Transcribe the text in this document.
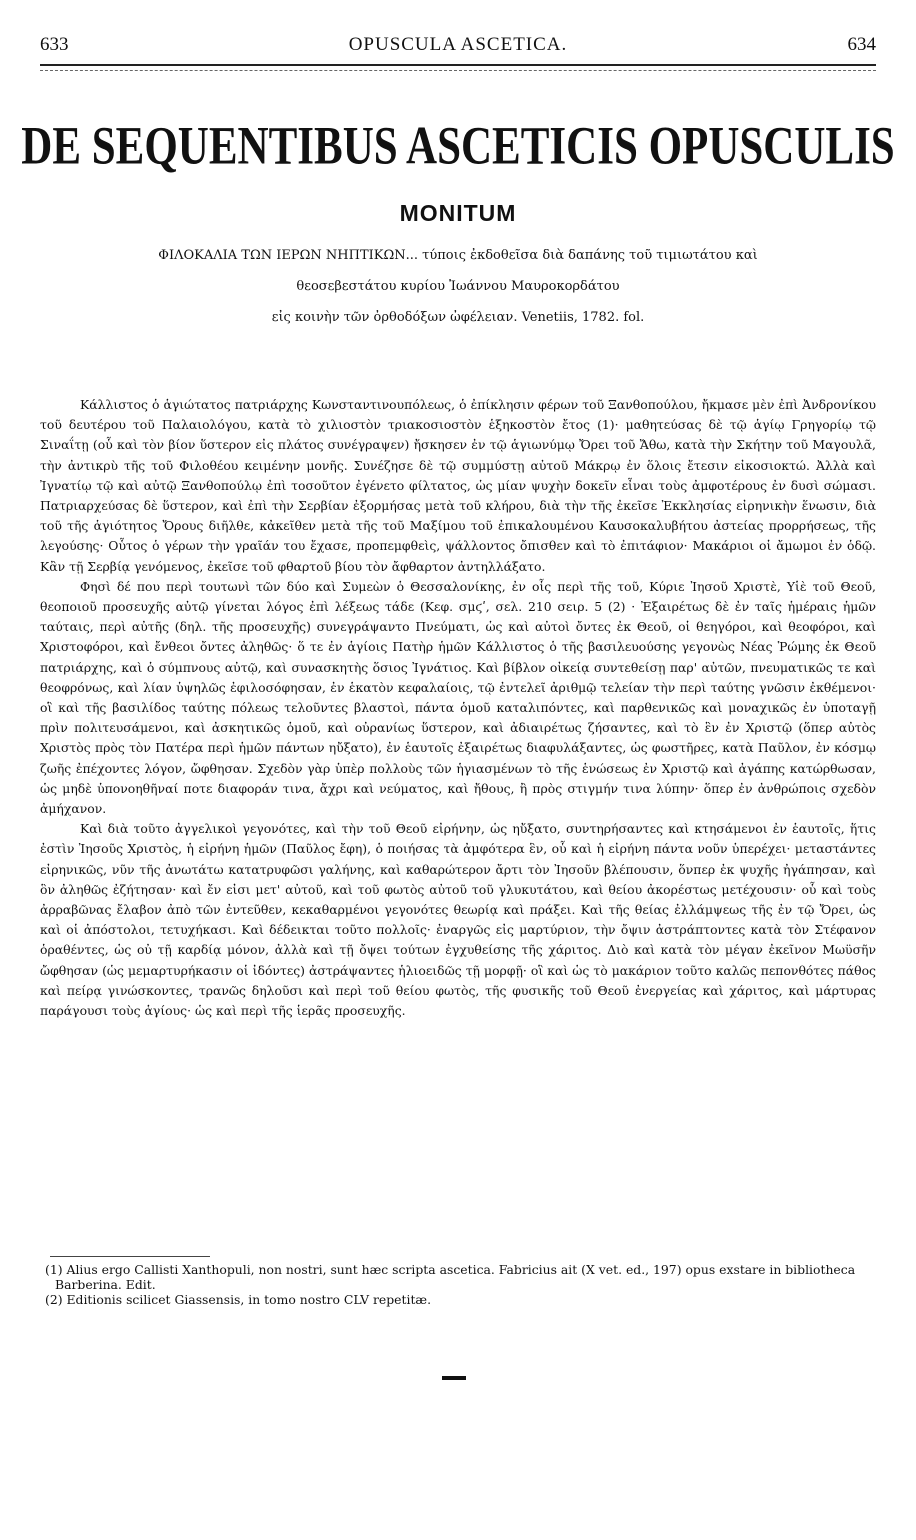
633	OPUSCULA ASCETICA.	634
DE SEQUENTIBUS ASCETICIS OPUSCULIS
MONITUM
ΦΙΛΟΚΑΛΙΑ ΤΩΝ ΙΕΡΩΝ ΝΗΠΤΙΚΩΝ... τύποις ἐκδοθεῖσα διὰ δαπάνης τοῦ τιμιωτάτου καὶ
θεοσεβεστάτου κυρίου Ἰωάννου Μαυροκορδάτου
εἰς κοινὴν τῶν ὀρθοδόξων ὠφέλειαν. Venetiis, 1782. fol.

Κάλλιστος ὁ ἁγιώτατος πατριάρχης Κωνσταντινουπόλεως, ὁ ἐπίκλησιν φέρων τοῦ Ξανθοπούλου, ἤκμασε μὲν ἐπὶ Ἀνδρονίκου τοῦ δευτέρου τοῦ Παλαιολόγου, κατὰ τὸ χιλιοστὸν τριακοσιοστὸν ἑξηκοστὸν ἔτος (1)· μαθητεύσας δὲ τῷ ἁγίῳ Γρηγορίῳ τῷ Σιναΐτῃ (οὗ καὶ τὸν βίον ὕστερον εἰς πλάτος συνέγραψεν) ἤσκησεν ἐν τῷ ἁγιωνύμῳ Ὄρει τοῦ Ἄθω, κατὰ τὴν Σκήτην τοῦ Μαγουλᾶ, τὴν ἀντικρὺ τῆς τοῦ Φιλοθέου κειμένην μονῆς. Συνέζησε δὲ τῷ συμμύστῃ αὐτοῦ Μάκρῳ ἐν ὅλοις ἔτεσιν εἰκοσιοκτώ. Ἀλλὰ καὶ Ἰγνατίῳ τῷ καὶ αὐτῷ Ξανθοπούλῳ ἐπὶ τοσοῦτον ἐγένετο φίλτατος, ὡς μίαν ψυχὴν δοκεῖν εἶναι τοὺς ἀμφοτέρους ἐν δυσὶ σώμασι. Πατριαρχεύσας δὲ ὕστερον, καὶ ἐπὶ τὴν Σερβίαν ἐξορμήσας μετὰ τοῦ κλήρου, διὰ τὴν τῆς ἐκεῖσε Ἐκκλησίας εἰρηνικὴν ἕνωσιν, διὰ τοῦ τῆς ἁγιότητος Ὄρους διῆλθε, κἀκεῖθεν μετὰ τῆς τοῦ Μαξίμου τοῦ ἐπικαλουμένου Καυσοκαλυβήτου ἀστείας προρρήσεως, τῆς λεγούσης· Οὗτος ὁ γέρων τὴν γραῖάν του ἔχασε, προπεμφθεὶς, ψάλλοντος ὄπισθεν καὶ τὸ ἐπιτάφιον· Μακάριοι οἱ ἄμωμοι ἐν ὁδῷ. Κἂν τῇ Σερβίᾳ γενόμενος, ἐκεῖσε τοῦ φθαρτοῦ βίου τὸν ἄφθαρτον ἀντηλλάξατο.

Φησὶ δέ που περὶ τουτωνὶ τῶν δύο καὶ Συμεὼν ὁ Θεσσαλονίκης, ἐν οἷς περὶ τῆς τοῦ, Κύριε Ἰησοῦ Χριστὲ, Υἱὲ τοῦ Θεοῦ, θεοποιοῦ προσευχῆς αὐτῷ γίνεται λόγος ἐπὶ λέξεως τάδε (Κεφ. σμϛʹ, σελ. 210 σειρ. 5 (2) · Ἐξαιρέτως δὲ ἐν ταῖς ἡμέραις ἡμῶν ταύταις, περὶ αὐτῆς (δηλ. τῆς προσευχῆς) συνεγράψαντο Πνεύματι, ὡς καὶ αὐτοὶ ὄντες ἐκ Θεοῦ, οἱ θεηγόροι, καὶ θεοφόροι, καὶ Χριστοφόροι, καὶ ἔνθεοι ὄντες ἀληθῶς· ὅ τε ἐν ἁγίοις Πατὴρ ἡμῶν Κάλλιστος ὁ τῆς βασιλευούσης γεγονὼς Νέας Ῥώμης ἐκ Θεοῦ πατριάρχης, καὶ ὁ σύμπνους αὐτῷ, καὶ συνασκητὴς ὅσιος Ἰγνάτιος. Καὶ βίβλον οἰκείᾳ συντεθείσῃ παρ' αὐτῶν, πνευματικῶς τε καὶ θεοφρόνως, καὶ λίαν ὑψηλῶς ἐφιλοσόφησαν, ἐν ἑκατὸν κεφαλαίοις, τῷ ἐντελεῖ ἀριθμῷ τελείαν τὴν περὶ ταύτης γνῶσιν ἐκθέμενοι· οἳ καὶ τῆς βασιλίδος ταύτης πόλεως τελοῦντες βλαστοὶ, πάντα ὁμοῦ καταλιπόντες, καὶ παρθενικῶς καὶ μοναχικῶς ἐν ὑποταγῇ πρὶν πολιτευσάμενοι, καὶ ἀσκητικῶς ὁμοῦ, καὶ οὐρανίως ὕστερον, καὶ ἀδιαιρέτως ζήσαντες, καὶ τὸ ἓν ἐν Χριστῷ (ὅπερ αὐτὸς Χριστὸς πρὸς τὸν Πατέρα περὶ ἡμῶν πάντων ηὔξατο), ἐν ἑαυτοῖς ἐξαιρέτως διαφυλάξαντες, ὡς φωστῆρες, κατὰ Παῦλον, ἐν κόσμῳ ζωῆς ἐπέχοντες λόγον, ὤφθησαν. Σχεδὸν γὰρ ὑπὲρ πολλοὺς τῶν ἡγιασμένων τὸ τῆς ἑνώσεως ἐν Χριστῷ καὶ ἀγάπης κατώρθωσαν, ὡς μηδὲ ὑπονοηθῆναί ποτε διαφοράν τινα, ἄχρι καὶ νεύματος, καὶ ἤθους, ἢ πρὸς στιγμήν τινα λύπην· ὅπερ ἐν ἀνθρώποις σχεδὸν ἀμήχανον.

Καὶ διὰ τοῦτο ἀγγελικοὶ γεγονότες, καὶ τὴν τοῦ Θεοῦ εἰρήνην, ὡς ηὔξατο, συντηρήσαντες καὶ κτησάμενοι ἐν ἑαυτοῖς, ἥτις ἐστὶν Ἰησοῦς Χριστὸς, ἡ εἰρήνη ἡμῶν (Παῦλος ἔφη), ὁ ποιήσας τὰ ἀμφότερα ἓν, οὗ καὶ ἡ εἰρήνη πάντα νοῦν ὑπερέχει· μεταστάντες εἰρηνικῶς, νῦν τῆς ἀνωτάτω κατατρυφῶσι γαλήνης, καὶ καθαρώτερον ἄρτι τὸν Ἰησοῦν βλέπουσιν, ὅνπερ ἐκ ψυχῆς ἠγάπησαν, καὶ ὃν ἀληθῶς ἐζήτησαν· καὶ ἔν εἰσι μετ' αὐτοῦ, καὶ τοῦ φωτὸς αὐτοῦ τοῦ γλυκυτάτου, καὶ θείου ἀκορέστως μετέχουσιν· οὗ καὶ τοὺς ἀρραβῶνας ἔλαβον ἀπὸ τῶν ἐντεῦθεν, κεκαθαρμένοι γεγονότες θεωρίᾳ καὶ πράξει. Καὶ τῆς θείας ἐλλάμψεως τῆς ἐν τῷ Ὄρει, ὡς καὶ οἱ ἀπόστολοι, τετυχήκασι. Καὶ δέδεικται τοῦτο πολλοῖς· ἐναργῶς εἰς μαρτύριον, τὴν ὄψιν ἀστράπτοντες κατὰ τὸν Στέφανον ὁραθέντες, ὡς οὐ τῇ καρδίᾳ μόνον, ἀλλὰ καὶ τῇ ὄψει τούτων ἐγχυθείσης τῆς χάριτος. Διὸ καὶ κατὰ τὸν μέγαν ἐκεῖνον Μωϋσῆν ὤφθησαν (ὡς μεμαρτυρήκασιν οἱ ἰδόντες) ἀστράψαντες ἡλιοειδῶς τῇ μορφῇ· οἳ καὶ ὡς τὸ μακάριον τοῦτο καλῶς πεπονθότες πάθος καὶ πείρᾳ γινώσκοντες, τρανῶς δηλοῦσι καὶ περὶ τοῦ θείου φωτὸς, τῆς φυσικῆς τοῦ Θεοῦ ἐνεργείας καὶ χάριτος, καὶ μάρτυρας παράγουσι τοὺς ἁγίους· ὡς καὶ περὶ τῆς ἱερᾶς προσευχῆς.

(1) Alius ergo Callisti Xanthopuli, non nostri, sunt hæc scripta ascetica. Fabricius ait (X vet. ed., 197) opus exstare in bibliotheca Barberina. Edit.

(2) Editionis scilicet Giassensis, in tomo nostro CLV repetitæ.
